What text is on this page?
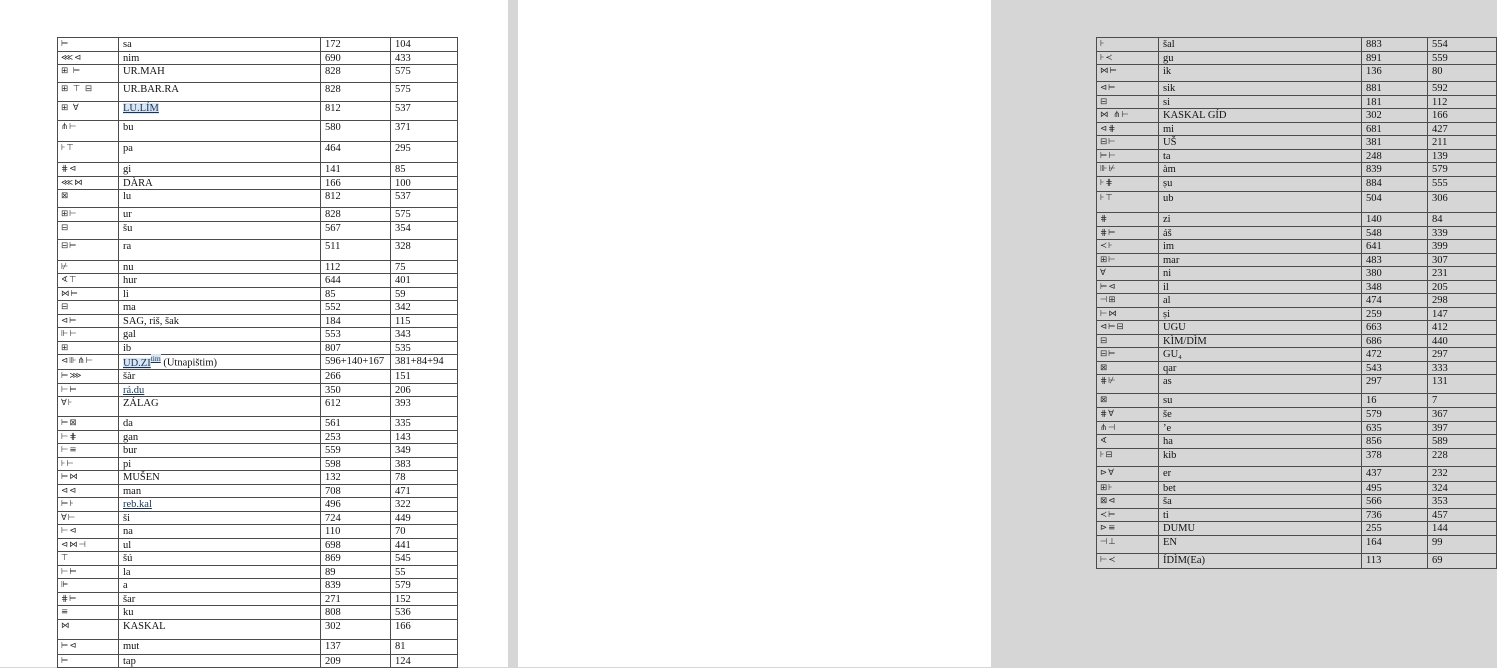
⊨	sa	172	104
⋘⊲	nim	690	433
⊞ ⊨	UR.MAH	828	575
⊞ ⊤ ⊟	UR.BAR.RA	828	575
⊞ ∀	LU.LÍM	812	537
⋔⊢	bu	580	371
⊦⊤	pa	464	295
⋕⊲	gi	141	85
⋘⋈	DÀRA	166	100
⊠	lu	812	537
⊞⊢	ur	828	575
⊟	šu	567	354
⊟⊨	ra	511	328
⊬	nu	112	75
∢⊤	hur	644	401
⋈⊨	li	85	59
⊟	ma	552	342
⊲⊨	SAG, riš, šak	184	115
⊩⊢	gal	553	343
⊞	ib	807	535
⊲⊪⋔⊢	$UD.ZI^{tim}$ (Utnapištim)	596+140+167	381+84+94
⊨⋙	šàr	266	151
⊢⊨	rá.du	350	206
∀⊦	ZÁLAG	612	393
⊨⊠	da	561	335
⊢⋕	gan	253	143
⊢≡	bur	559	349
⊦⊢	pi	598	383
⊨⋈	MUŠEN	132	78
⊲⊲	man	708	471
⊨⊦	reb.kal	496	322
∀⊢	ši	724	449
⊢⊲	na	110	70
⊲⋈⊣	ul	698	441
⊤	šú	869	545
⊢⊨	la	89	55
⊫	a	839	579
⋕⊨	šar	271	152
≡	ku	808	536
⋈	KASKAL	302	166
⊨⊲	mut	137	81
⊨	tap	209	124
⊦	šal	883	554
⊦≺	gu	891	559
⋈⊨	ik	136	80
⊲⊨	sik	881	592
⊟	si	181	112
⋈ ⋔⊢	KASKAL GÍD	302	166
⊲⋕	mi	681	427
⊟⊢	UŠ	381	211
⊨⊢	ta	248	139
⊪⊬	àm	839	579
⊦⋕	ṣu	884	555
⊦⊤	ub	504	306
⋕	zi	140	84
⋕⊨	áš	548	339
≺⊦	im	641	399
⊞⊢	mar	483	307
∀	ni	380	231
⊨⊲	il	348	205
⊣⊞	al	474	298
⊢⋈	ṣi	259	147
⊲⊨⊟	UGU	663	412
⊟	KÌM/DÌM	686	440
⊟⊨	GU₄	472	297
⊠	qar	543	333
⋕⊬	as	297	131
⊠	su	16	7
⋕∀	še	579	367
⋔⊣	ʼe	635	397
∢	ha	856	589
⊦⊟	kib	378	228
⊳∀	er	437	232
⊞⊦	bet	495	324
⊠⊲	ša	566	353
≺⊨	ti	736	457
⊳≡	DUMU	255	144
⊣⊥	EN	164	99
⊢≺	ÍDÌM(Ea)	113	69
